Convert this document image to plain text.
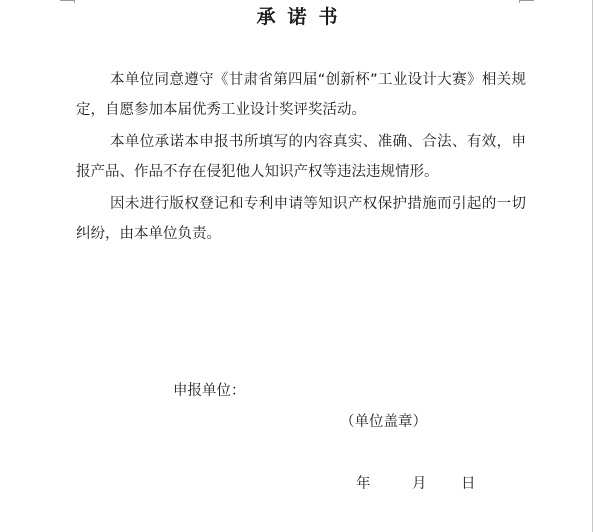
承诺书

本单位同意遵守《甘肃省第四届“创新杯”工业设计大赛》相关规定，自愿参加本届优秀工业设计奖评奖活动。

本单位承诺本申报书所填写的内容真实、准确、合法、有效，申报产品、作品不存在侵犯他人知识产权等违法违规情形。

因未进行版权登记和专利申请等知识产权保护措施而引起的一切纠纷，由本单位负责。

申报单位：
（单位盖章）
年	月 日
